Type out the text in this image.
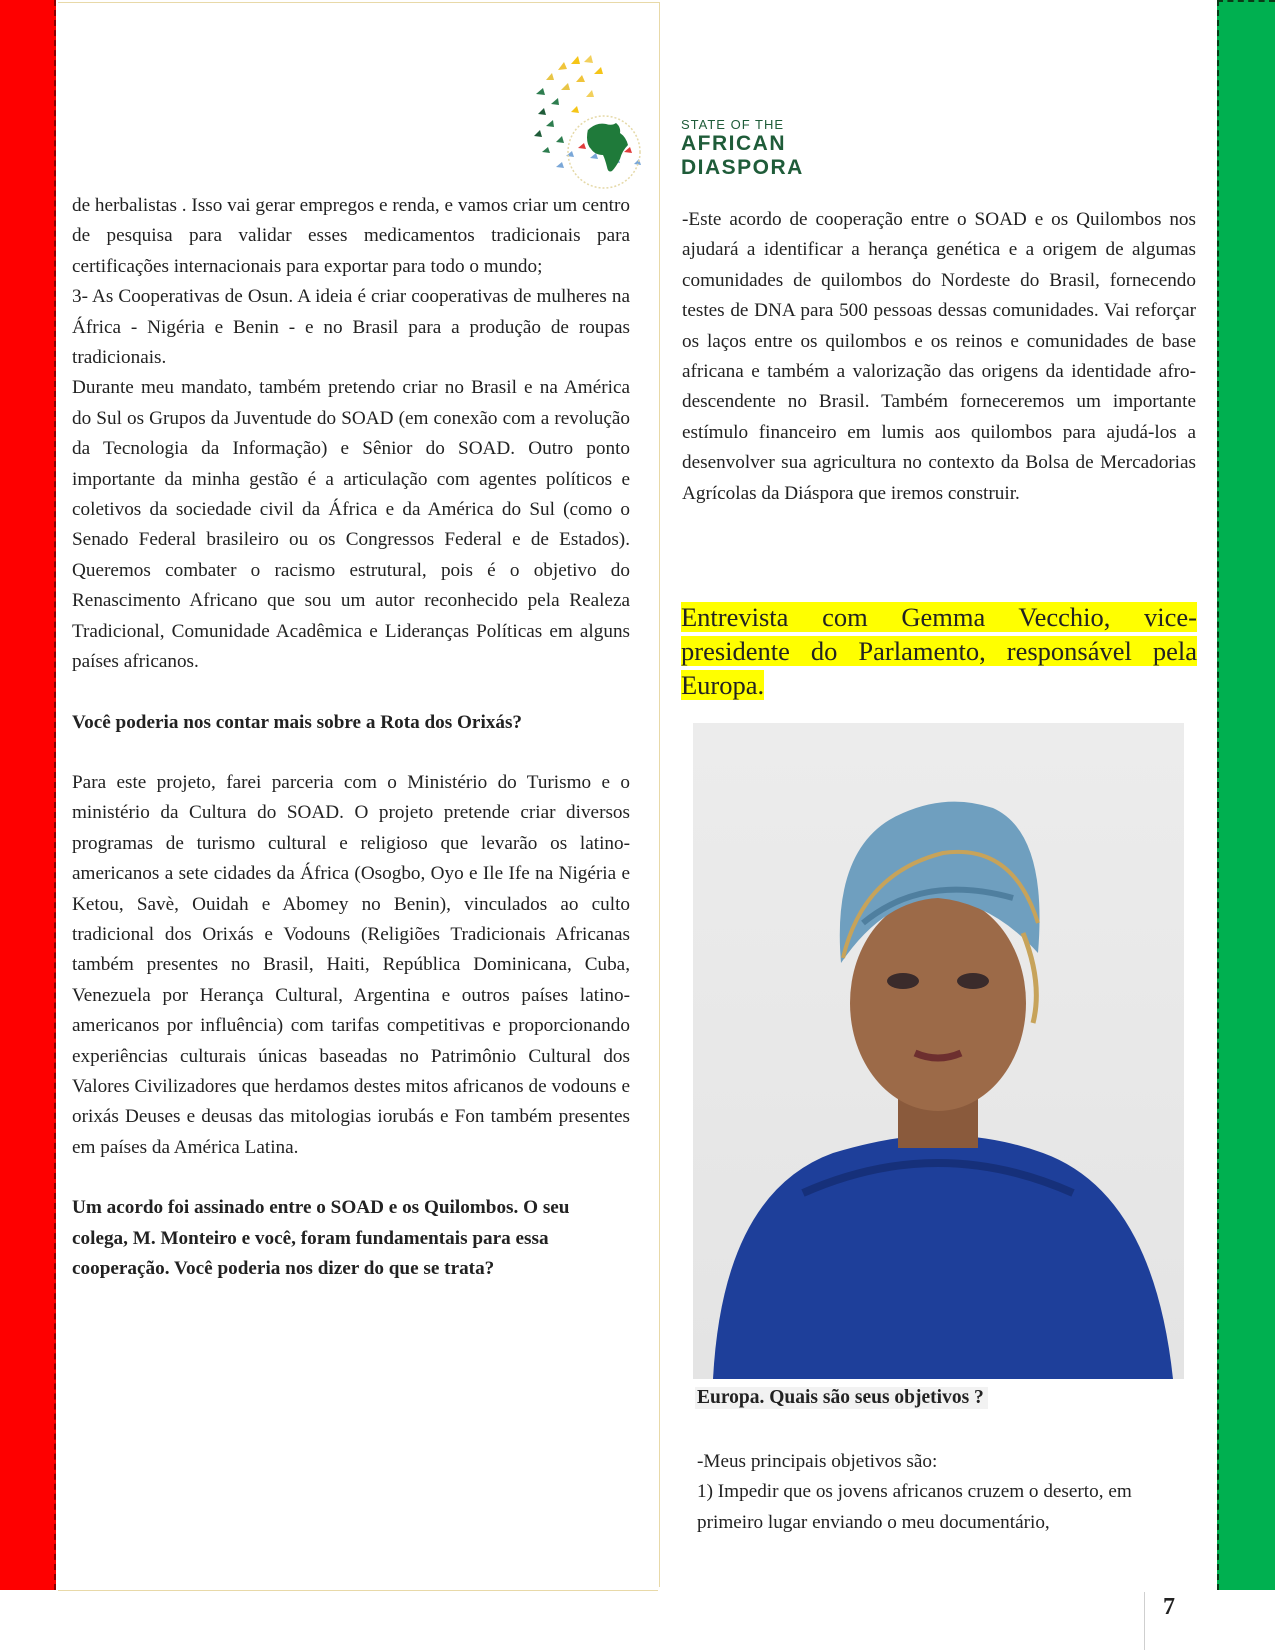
STATE OF THE
AFRICAN
DIASPORA

de herbalistas . Isso vai gerar empregos e renda, e vamos criar um centro de pesquisa para validar esses medicamentos tradicionais para certificações internacionais para exportar para todo o mundo;

3- As Cooperativas de Osun. A ideia é criar cooperativas de mulheres na África - Nigéria e Benin - e no Brasil para a produção de roupas tradicionais.

Durante meu mandato, também pretendo criar no Brasil e na América do Sul os Grupos da Juventude do SOAD (em conexão com a revolução da Tecnologia da Informação) e Sênior do SOAD. Outro ponto importante da minha gestão é a articulação com agentes políticos e coletivos da sociedade civil da África e da América do Sul (como o Senado Federal brasileiro ou os Congressos Federal e de Estados). Queremos combater o racismo estrutural, pois é o objetivo do Renascimento Africano que sou um autor reconhecido pela Realeza Tradicional, Comunidade Acadêmica e Lideranças Políticas em alguns países africanos.

Você poderia nos contar mais sobre a Rota dos Orixás?

Para este projeto, farei parceria com o Ministério do Turismo e o ministério da Cultura do SOAD. O projeto pretende criar diversos programas de turismo cultural e religioso que levarão os latino-americanos a sete cidades da África (Osogbo, Oyo e Ile Ife na Nigéria e Ketou, Savè, Ouidah e Abomey no Benin), vinculados ao culto tradicional dos Orixás e Vodouns (Religiões Tradicionais Africanas também presentes no Brasil, Haiti, República Dominicana, Cuba, Venezuela por Herança Cultural, Argentina e outros países latino-americanos por influência) com tarifas competitivas e proporcionando experiências culturais únicas baseadas no Patrimônio Cultural dos Valores Civilizadores que herdamos destes mitos africanos de vodouns e orixás Deuses e deusas das mitologias iorubás e Fon também presentes em países da América Latina.

Um acordo foi assinado entre o SOAD e os Quilombos. O seu colega, M. Monteiro e você, foram fundamentais para essa cooperação. Você poderia nos dizer do que se trata?

-Este acordo de cooperação entre o SOAD e os Quilombos nos ajudará a identificar a herança genética e a origem de algumas comunidades de quilombos do Nordeste do Brasil, fornecendo testes de DNA para 500 pessoas dessas comunidades. Vai reforçar os laços entre os quilombos e os reinos e comunidades de base africana e também a valorização das origens da identidade afro-descendente no Brasil. Também forneceremos um importante estímulo financeiro em lumis aos quilombos para ajudá-los a desenvolver sua agricultura no contexto da Bolsa de Mercadorias Agrícolas da Diáspora que iremos construir.

Entrevista com Gemma Vecchio, vice-presidente do Parlamento, responsável pela Europa.
Europa. Quais são seus objetivos ?

-Meus principais objetivos são:

1) Impedir que os jovens africanos cruzem o deserto, em primeiro lugar enviando o meu documentário,

7
